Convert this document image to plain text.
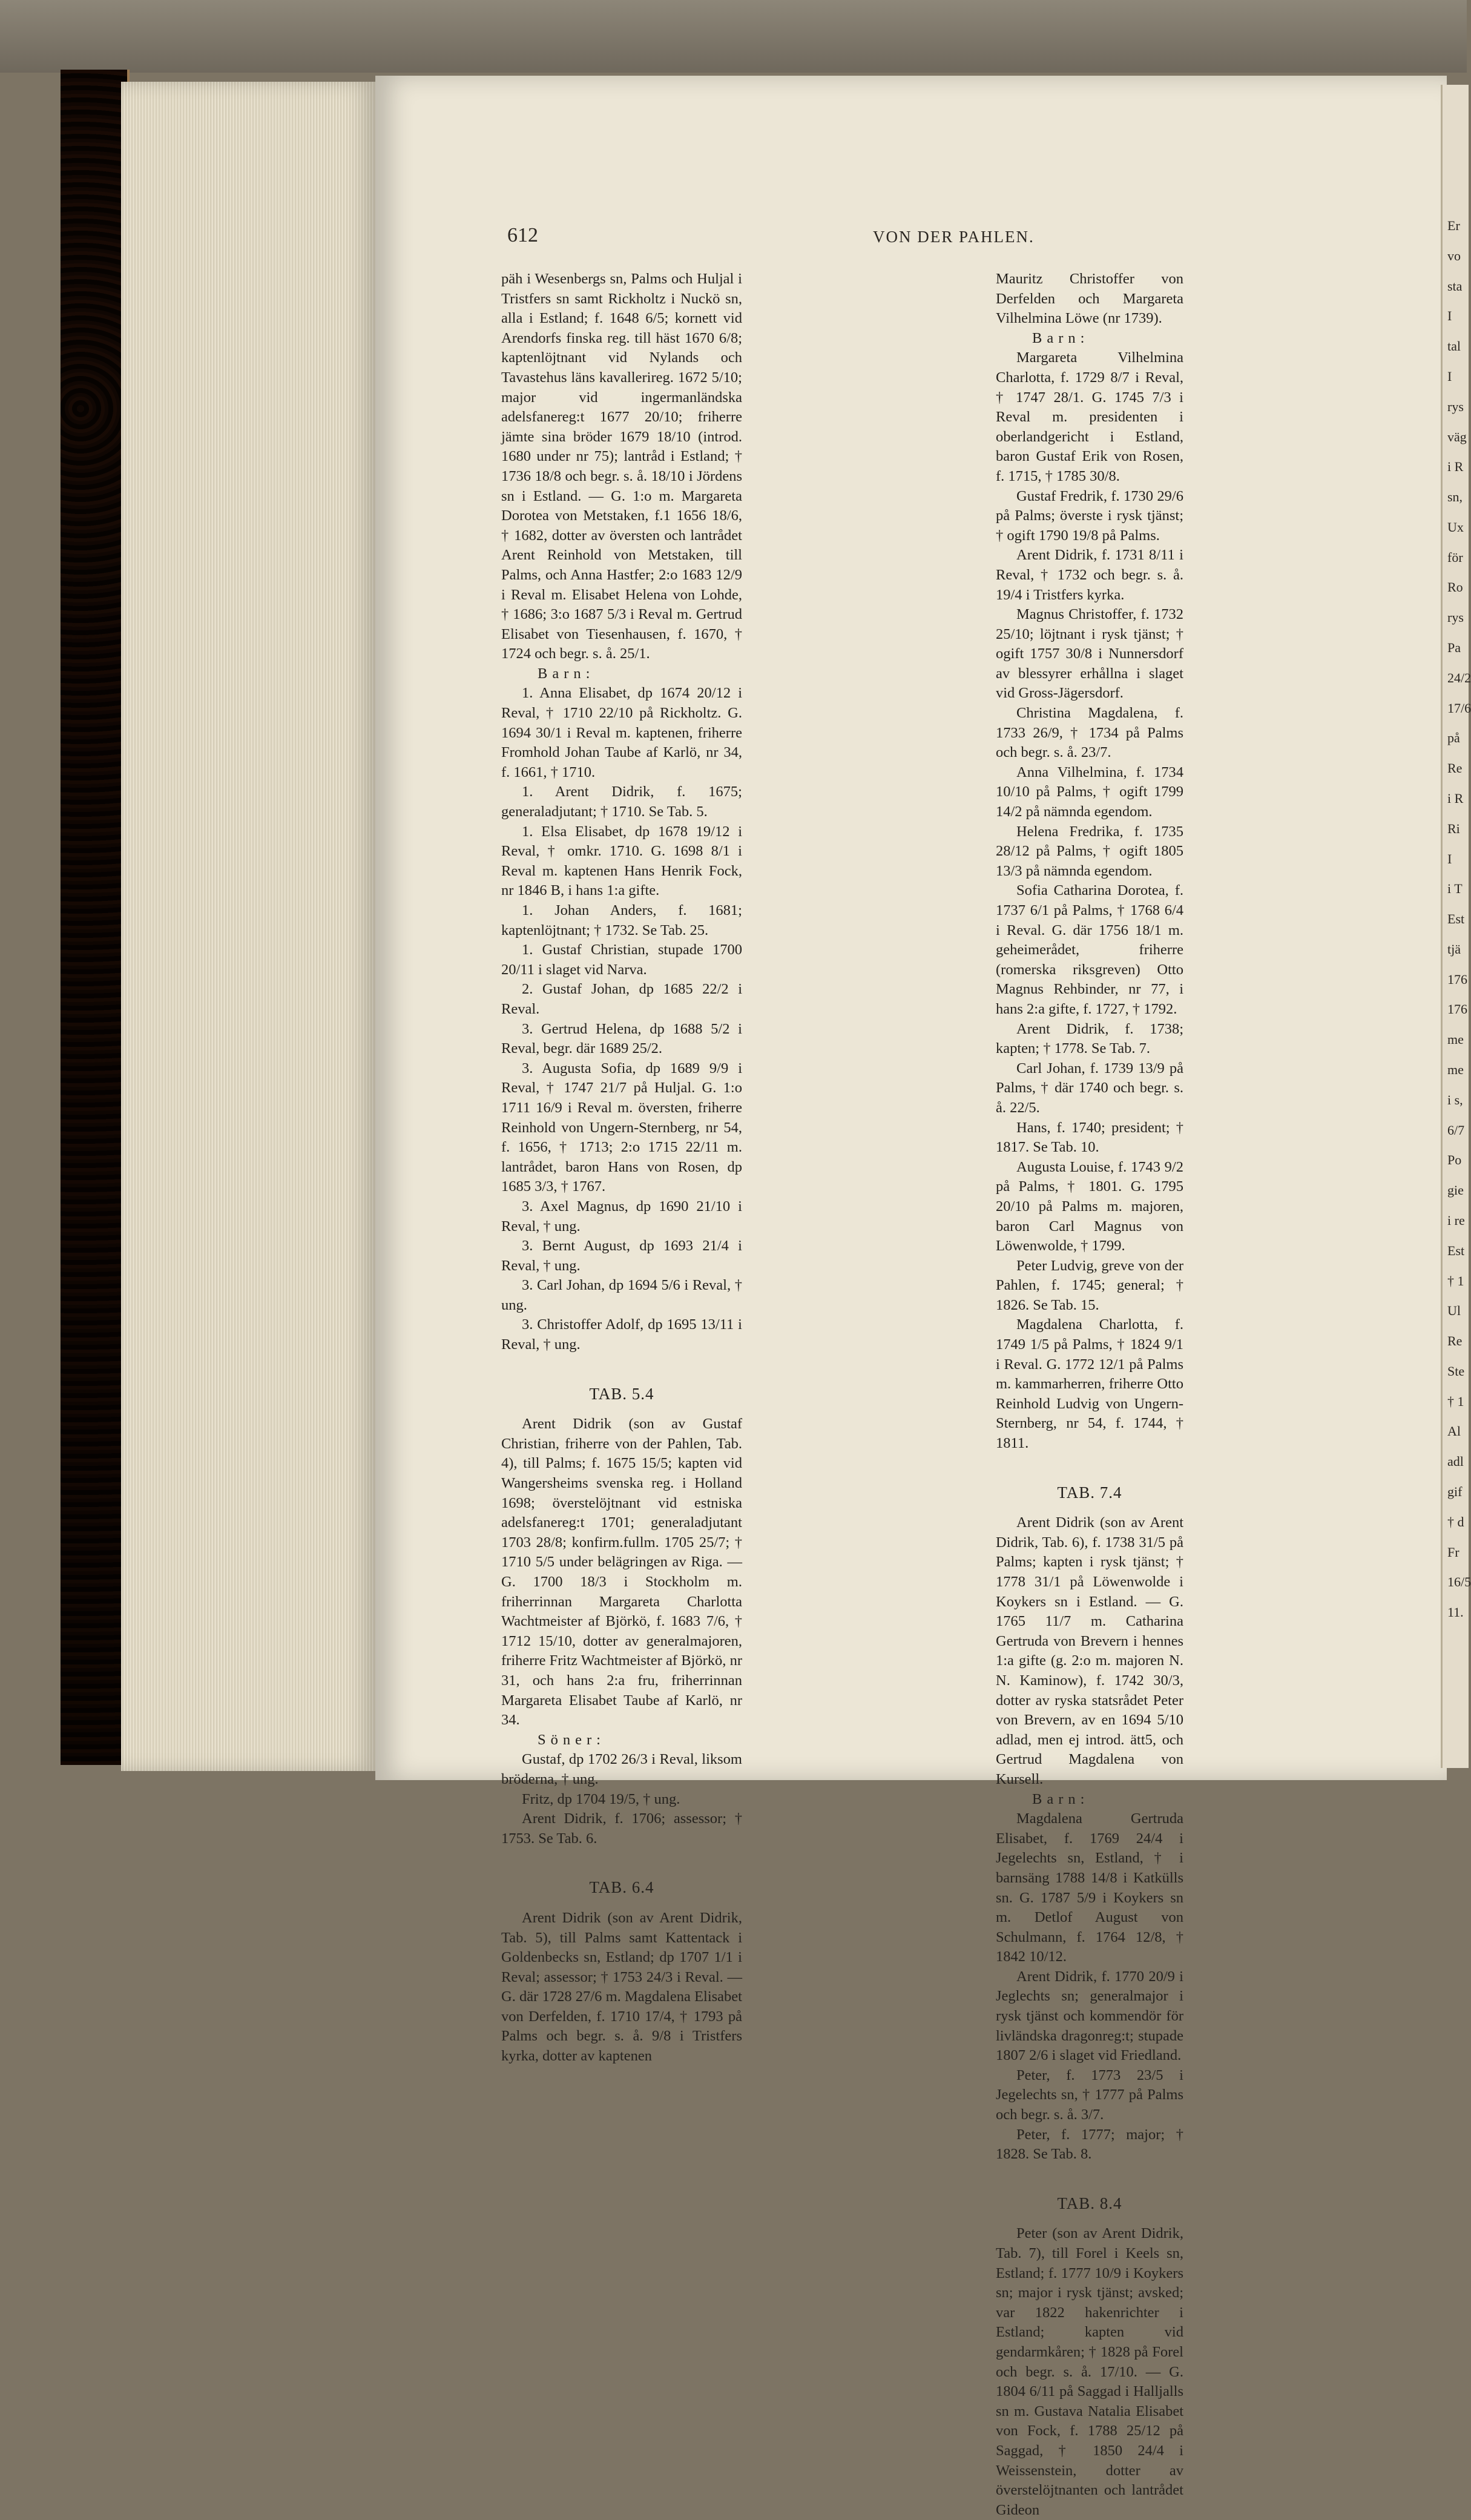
612	VON DER PAHLEN.

päh i Wesenbergs sn, Palms och Huljal i Tristfers sn samt Rickholtz i Nuckö sn, alla i Estland; f. 1648 6/5; kornett vid Arendorfs finska reg. till häst 1670 6/8; kaptenlöjtnant vid Nylands och Tavastehus läns kavallerireg. 1672 5/10; major vid ingermanländska adelsfanereg:t 1677 20/10; friherre jämte sina bröder 1679 18/10 (introd. 1680 under nr 75); lantråd i Estland; † 1736 18/8 och begr. s. å. 18/10 i Jördens sn i Estland. — G. 1:o m. Margareta Dorotea von Metstaken, f.1 1656 18/6, † 1682, dotter av översten och lantrådet Arent Reinhold von Metstaken, till Palms, och Anna Hastfer; 2:o 1683 12/9 i Reval m. Elisabet Helena von Lohde, † 1686; 3:o 1687 5/3 i Reval m. Gertrud Elisabet von Tiesenhausen, f. 1670, † 1724 och begr. s. å. 25/1.

Barn:

1. Anna Elisabet, dp 1674 20/12 i Reval, † 1710 22/10 på Rickholtz. G. 1694 30/1 i Reval m. kaptenen, friherre Fromhold Johan Taube af Karlö, nr 34, f. 1661, † 1710.

1. Arent Didrik, f. 1675; generaladjutant; † 1710. Se Tab. 5.

1. Elsa Elisabet, dp 1678 19/12 i Reval, † omkr. 1710. G. 1698 8/1 i Reval m. kaptenen Hans Henrik Fock, nr 1846 B, i hans 1:a gifte.

1. Johan Anders, f. 1681; kaptenlöjtnant; † 1732. Se Tab. 25.

1. Gustaf Christian, stupade 1700 20/11 i slaget vid Narva.

2. Gustaf Johan, dp 1685 22/2 i Reval.

3. Gertrud Helena, dp 1688 5/2 i Reval, begr. där 1689 25/2.

3. Augusta Sofia, dp 1689 9/9 i Reval, † 1747 21/7 på Huljal. G. 1:o 1711 16/9 i Reval m. översten, friherre Reinhold von Ungern-Sternberg, nr 54, f. 1656, † 1713; 2:o 1715 22/11 m. lantrådet, baron Hans von Rosen, dp 1685 3/3, † 1767.

3. Axel Magnus, dp 1690 21/10 i Reval, † ung.

3. Bernt August, dp 1693 21/4 i Reval, † ung.

3. Carl Johan, dp 1694 5/6 i Reval, † ung.

3. Christoffer Adolf, dp 1695 13/11 i Reval, † ung.

TAB. 5.4

Arent Didrik (son av Gustaf Christian, friherre von der Pahlen, Tab. 4), till Palms; f. 1675 15/5; kapten vid Wangersheims svenska reg. i Holland 1698; överstelöjtnant vid estniska adelsfanereg:t 1701; generaladjutant 1703 28/8; konfirm.fullm. 1705 25/7; † 1710 5/5 under belägringen av Riga. — G. 1700 18/3 i Stockholm m. friherrinnan Margareta Charlotta Wachtmeister af Björkö, f. 1683 7/6, † 1712 15/10, dotter av generalmajoren, friherre Fritz Wachtmeister af Björkö, nr 31, och hans 2:a fru, friherrinnan Margareta Elisabet Taube af Karlö, nr 34.

Söner:

Gustaf, dp 1702 26/3 i Reval, liksom bröderna, † ung.

Fritz, dp 1704 19/5, † ung.

Arent Didrik, f. 1706; assessor; † 1753. Se Tab. 6.

TAB. 6.4

Arent Didrik (son av Arent Didrik, Tab. 5), till Palms samt Kattentack i Goldenbecks sn, Estland; dp 1707 1/1 i Reval; assessor; † 1753 24/3 i Reval. — G. där 1728 27/6 m. Magdalena Elisabet von Derfelden, f. 1710 17/4, † 1793 på Palms och begr. s. å. 9/8 i Tristfers kyrka, dotter av kaptenen

Mauritz Christoffer von Derfelden och Margareta Vilhelmina Löwe (nr 1739).

Barn:

Margareta Vilhelmina Charlotta, f. 1729 8/7 i Reval, † 1747 28/1. G. 1745 7/3 i Reval m. presidenten i oberlandgericht i Estland, baron Gustaf Erik von Rosen, f. 1715, † 1785 30/8.

Gustaf Fredrik, f. 1730 29/6 på Palms; överste i rysk tjänst; † ogift 1790 19/8 på Palms.

Arent Didrik, f. 1731 8/11 i Reval, † 1732 och begr. s. å. 19/4 i Tristfers kyrka.

Magnus Christoffer, f. 1732 25/10; löjtnant i rysk tjänst; † ogift 1757 30/8 i Nunnersdorf av blessyrer erhållna i slaget vid Gross-Jägersdorf.

Christina Magdalena, f. 1733 26/9, † 1734 på Palms och begr. s. å. 23/7.

Anna Vilhelmina, f. 1734 10/10 på Palms, † ogift 1799 14/2 på nämnda egendom.

Helena Fredrika, f. 1735 28/12 på Palms, † ogift 1805 13/3 på nämnda egendom.

Sofia Catharina Dorotea, f. 1737 6/1 på Palms, † 1768 6/4 i Reval. G. där 1756 18/1 m. geheimerådet, friherre (romerska riksgreven) Otto Magnus Rehbinder, nr 77, i hans 2:a gifte, f. 1727, † 1792.

Arent Didrik, f. 1738; kapten; † 1778. Se Tab. 7.

Carl Johan, f. 1739 13/9 på Palms, † där 1740 och begr. s. å. 22/5.

Hans, f. 1740; president; † 1817. Se Tab. 10.

Augusta Louise, f. 1743 9/2 på Palms, † 1801. G. 1795 20/10 på Palms m. majoren, baron Carl Magnus von Löwenwolde, † 1799.

Peter Ludvig, greve von der Pahlen, f. 1745; general; † 1826. Se Tab. 15.

Magdalena Charlotta, f. 1749 1/5 på Palms, † 1824 9/1 i Reval. G. 1772 12/1 på Palms m. kammarherren, friherre Otto Reinhold Ludvig von Ungern-Sternberg, nr 54, f. 1744, † 1811.

TAB. 7.4

Arent Didrik (son av Arent Didrik, Tab. 6), f. 1738 31/5 på Palms; kapten i rysk tjänst; † 1778 31/1 på Löwenwolde i Koykers sn i Estland. — G. 1765 11/7 m. Catharina Gertruda von Brevern i hennes 1:a gifte (g. 2:o m. majoren N. N. Kaminow), f. 1742 30/3, dotter av ryska statsrådet Peter von Brevern, av en 1694 5/10 adlad, men ej introd. ätt5, och Gertrud Magdalena von Kursell.

Barn:

Magdalena Gertruda Elisabet, f. 1769 24/4 i Jegelechts sn, Estland, † i barnsäng 1788 14/8 i Katkülls sn. G. 1787 5/9 i Koykers sn m. Detlof August von Schulmann, f. 1764 12/8, † 1842 10/12.

Arent Didrik, f. 1770 20/9 i Jeglechts sn; generalmajor i rysk tjänst och kommendör för livländska dragonreg:t; stupade 1807 2/6 i slaget vid Friedland.

Peter, f. 1773 23/5 i Jegelechts sn, † 1777 på Palms och begr. s. å. 3/7.

Peter, f. 1777; major; † 1828. Se Tab. 8.

TAB. 8.4

Peter (son av Arent Didrik, Tab. 7), till Forel i Keels sn, Estland; f. 1777 10/9 i Koykers sn; major i rysk tjänst; avsked; var 1822 hakenrichter i Estland; kapten vid gendarmkåren; † 1828 på Forel och begr. s. å. 17/10. — G. 1804 6/11 på Saggad i Halljalls sn m. Gustava Natalia Elisabet von Fock, f. 1788 25/12 på Saggad, † 1850 24/4 i Weissenstein, dotter av överstelöjtnanten och lantrådet Gideon

Er
vo
sta
I
tal
I
rys
väg
i R
sn,
Ux
för
Ro
rys
Pa
24/2
17/6
på
Re
i R
Ri
I
i T
Est
tjä
176
176
me
me
i s,
6/7
Po
gie
i re
Est
† 1
Ul
Re
Ste
† 1
Al
adl
gif
† d
Fr
16/5
11.
